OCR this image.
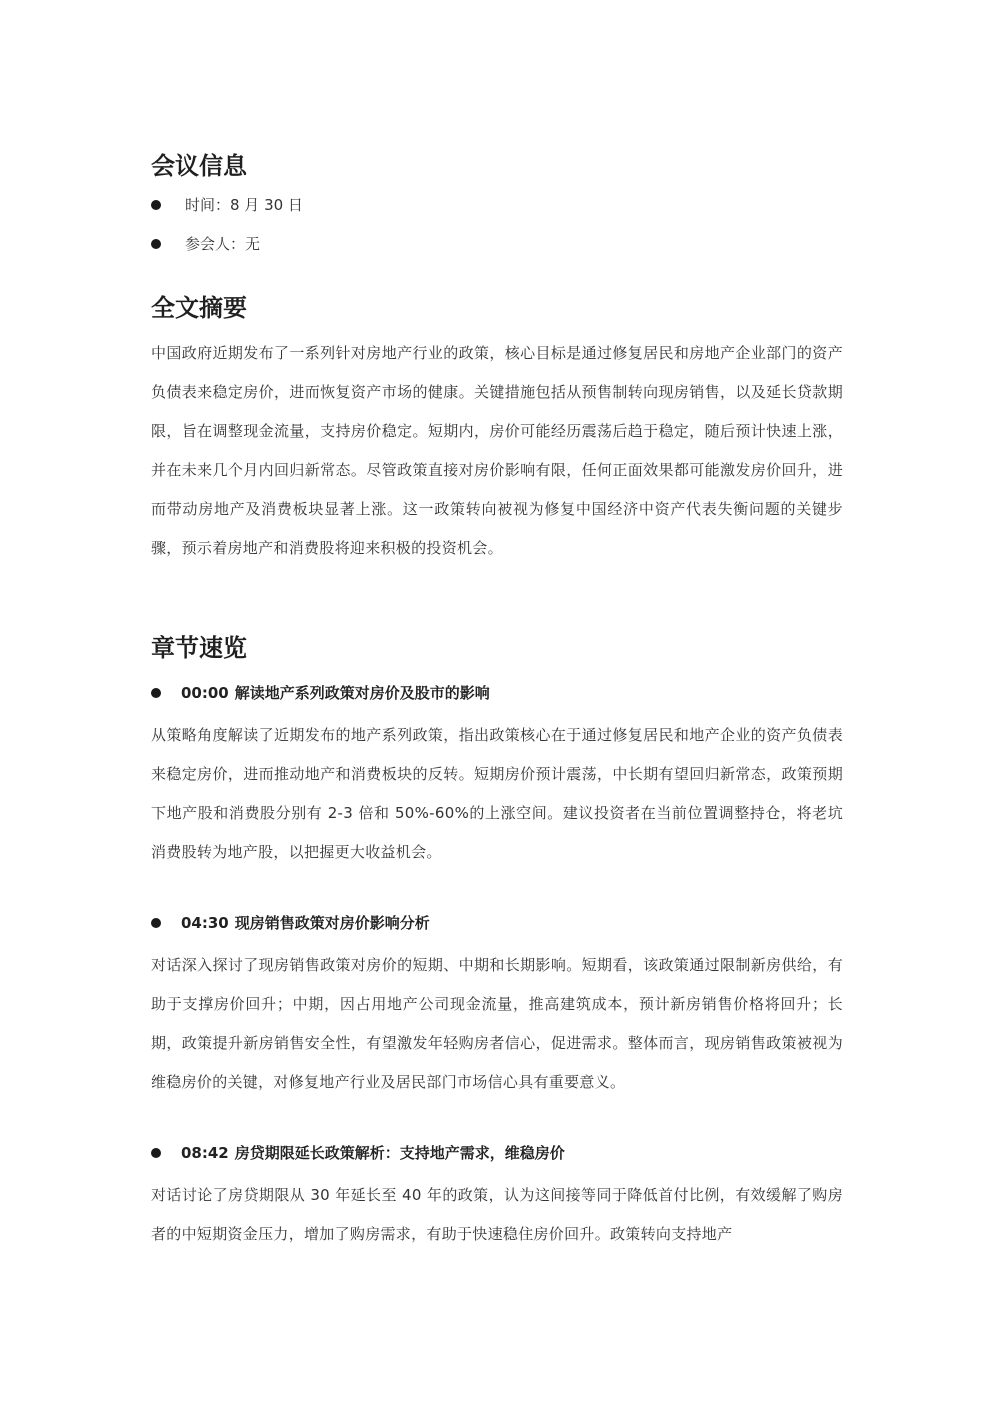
会议信息
时间：8 月 30 日
参会人：无
全文摘要

中国政府近期发布了一系列针对房地产行业的政策，核心目标是通过修复居民和房地产企业部门的资产负债表来稳定房价，进而恢复资产市场的健康。关键措施包括从预售制转向现房销售，以及延长贷款期限，旨在调整现金流量，支持房价稳定。短期内，房价可能经历震荡后趋于稳定，随后预计快速上涨，并在未来几个月内回归新常态。尽管政策直接对房价影响有限，任何正面效果都可能激发房价回升，进而带动房地产及消费板块显著上涨。这一政策转向被视为修复中国经济中资产代表失衡问题的关键步骤，预示着房地产和消费股将迎来积极的投资机会。

章节速览
00:00 解读地产系列政策对房价及股市的影响

从策略角度解读了近期发布的地产系列政策，指出政策核心在于通过修复居民和地产企业的资产负债表来稳定房价，进而推动地产和消费板块的反转。短期房价预计震荡，中长期有望回归新常态，政策预期下地产股和消费股分别有 2-3 倍和 50%-60%的上涨空间。建议投资者在当前位置调整持仓，将老坑消费股转为地产股，以把握更大收益机会。

04:30 现房销售政策对房价影响分析

对话深入探讨了现房销售政策对房价的短期、中期和长期影响。短期看，该政策通过限制新房供给，有助于支撑房价回升；中期，因占用地产公司现金流量，推高建筑成本，预计新房销售价格将回升；长期，政策提升新房销售安全性，有望激发年轻购房者信心，促进需求。整体而言，现房销售政策被视为维稳房价的关键，对修复地产行业及居民部门市场信心具有重要意义。

08:42 房贷期限延长政策解析：支持地产需求，维稳房价

对话讨论了房贷期限从 30 年延长至 40 年的政策，认为这间接等同于降低首付比例，有效缓解了购房者的中短期资金压力，增加了购房需求，有助于快速稳住房价回升。政策转向支持地产
